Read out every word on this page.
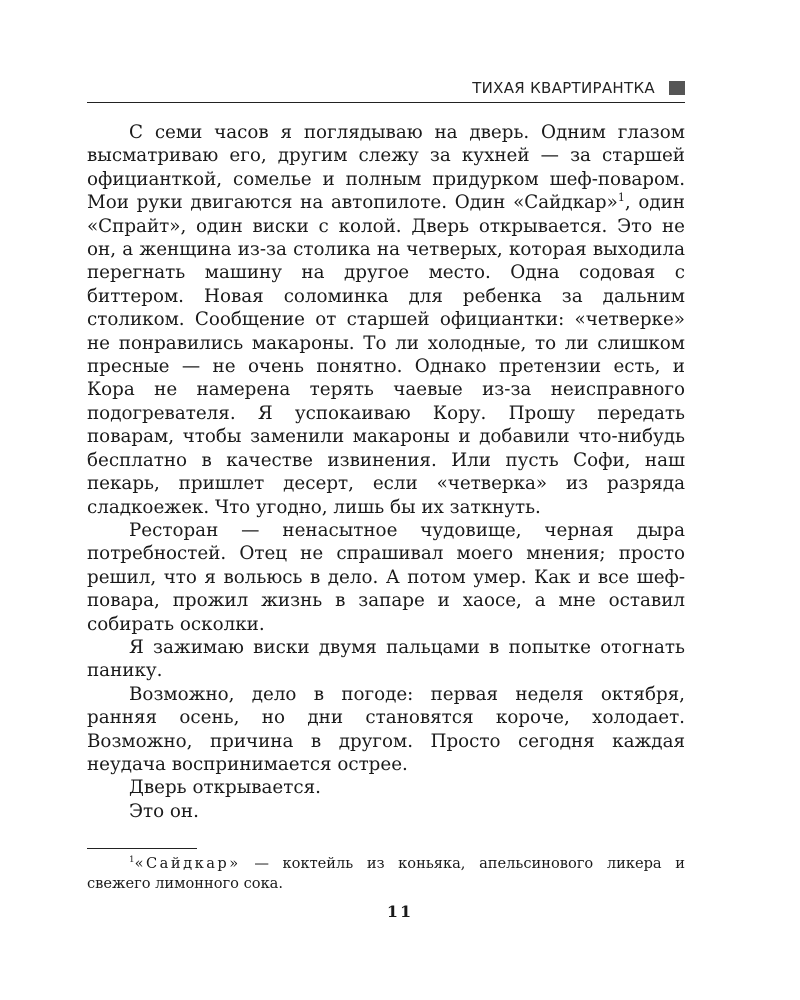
ТИХАЯ КВАРТИРАНТКА

С семи часов я поглядываю на дверь. Одним глазом высматриваю его, другим слежу за кухней — за старшей официанткой, сомелье и полным придурком шеф-поваром. Мои руки двигаются на автопилоте. Один «Сайдкар»$^1$, один «Спрайт», один виски с колой. Дверь открывается. Это не он, а женщина из-за столика на четверых, которая выходила перегнать машину на другое место. Одна содовая с биттером. Новая соломинка для ребенка за дальним столиком. Сообщение от старшей официантки: «четверке» не понравились макароны. То ли холодные, то ли слишком пресные — не очень понятно. Однако претензии есть, и Кора не намерена терять чаевые из-за неисправного подогревателя. Я успокаиваю Кору. Прошу передать поварам, чтобы заменили макароны и добавили что-нибудь бесплатно в качестве извинения. Или пусть Софи, наш пекарь, пришлет десерт, если «четверка» из разряда сладкоежек. Что угодно, лишь бы их заткнуть.

Ресторан — ненасытное чудовище, черная дыра потребностей. Отец не спрашивал моего мнения; просто решил, что я вольюсь в дело. А потом умер. Как и все шеф-повара, прожил жизнь в запаре и хаосе, а мне оставил собирать осколки.

Я зажимаю виски двумя пальцами в попытке отогнать панику.

Возможно, дело в погоде: первая неделя октября, ранняя осень, но дни становятся короче, холодает. Возможно, причина в другом. Просто сегодня каждая неудача воспринимается острее.

Дверь открывается.

Это он.

$^1$«Сайдкар» — коктейль из коньяка, апельсинового ликера и свежего лимонного сока.

11
